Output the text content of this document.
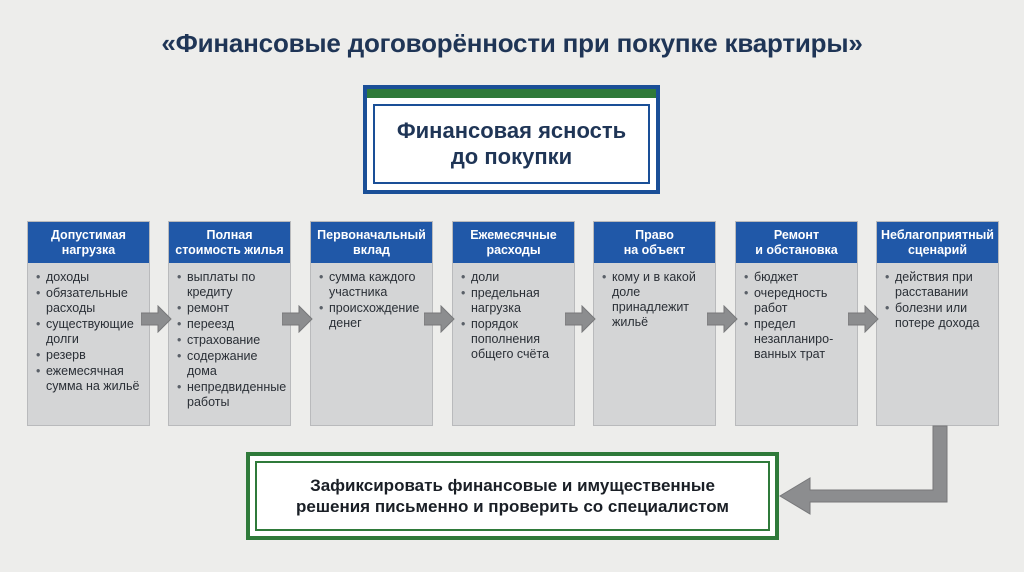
«Финансовые договорённости при покупке квартиры»
Финансовая ясность
до покупки
Допустимая
нагрузка
• доходы
• обязательные
расходы
• существующие
долги
• резерв
• ежемесячная
сумма на жильё
Полная
стоимость жилья
• выплаты по
кредиту
• ремонт
• переезд
• страхование
• содержание
дома
• непредвиденные
работы
Первоначальный
вклад
• сумма каждого
участника
• происхождение
денег
Ежемесячные
расходы
• доли
• предельная
нагрузка
• порядок
пополнения
общего счёта
Право
на объект
• кому и в какой
доле
принадлежит
жильё
Ремонт
и обстановка
• бюджет
• очередность
работ
• предел
незапланиро-
ванных трат
Неблагоприятный
сценарий
• действия при
расставании
• болезни или
потере дохода
Зафиксировать финансовые и имущественные
решения письменно и проверить со специалистом
